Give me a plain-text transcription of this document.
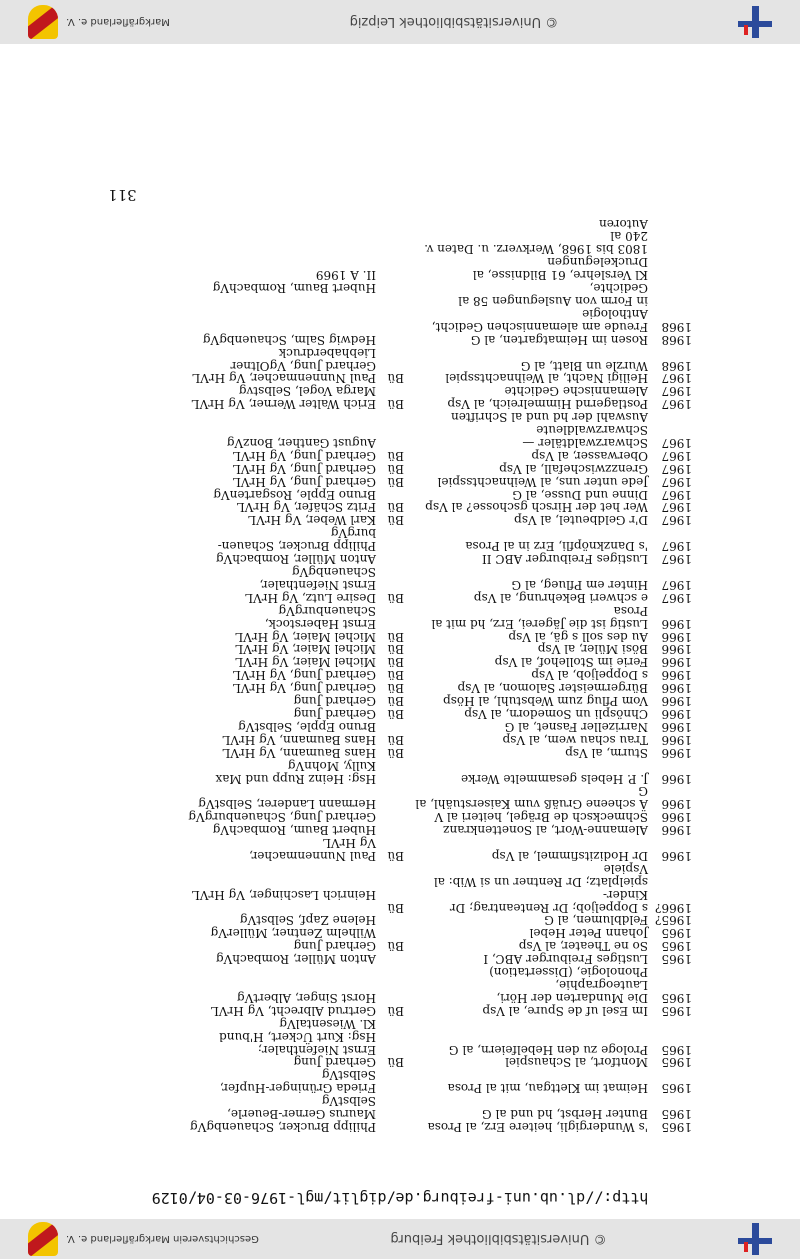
© Universitätsbibliothek Freiburg
Geschichtsverein Markgräflerland e. V.
http://dl.ub.uni-freiburg.de/diglit/mgl-1976-03-04/0129
1965
's Wundergigli, heitere Erz, al Prosa
Philipp Brucker, SchauenbgVg
1965
Bunter Herbst, hd und al G
Maurus Gerner-Beuerle,
SelbstVg
1965
Heimat im Klettgau, mit al Prosa
Frieda Grüninger-Hupfer,
SelbstVg
1965
Montfort, al Schauspiel
Bü
Gerhard Jung
1965
Prologe zu den Hebelfeiern, al G
Ernst Niefenthaler;
Hsg: Kurt Ückert, H'bund
Kl. WiesentalVg
1965
Im Esel uf de Spure, al Vsp
Bü
Gertrud Albrecht, Vg HrVL
1965
Die Mundarten der Höri, Lauteographie,
Phonologie, (Dissertation)
Horst Singer, AlbertVg
1965
Lustiges Freiburger ABC, I
Anton Müller, RombachVg
1965
So ne Theater, al Vsp
Bü
Gerhard Jung
1965
Johann Peter Hebel
Wilhelm Zentner, MüllerVg
1965?
Feldblumen, al G
Helene Zapf, SelbstVg
1966?
s Doppeljob; Dr Renteantrag; Dr Kinder-
spielplatz; Dr Rentner un si Wib: al Vspiele
Bü

Heinrich Laschinger, Vg HrVL
1966
Dr Hodizitsfimmel, al Vsp
Bü
Paul Nunnenmacher,
Vg HrVL
1966
Alemanne-Wort, al Sonettenkranz
Hubert Baum, RombachVg
1966
Schmecksch de Brägel, heiteri al V
Gerhard Jung, SchauenburgVg
1966
Ä scheene Gruäß vum Kaiserstuähl, al G
Hermann Landerer, SelbstVg
1966
J. P. Hebels gesammelte Werke
Hsg: Heinz Rupp und Max
Kully, MohnVg
1966
Sturm, al Vsp
Bü
Hans Baumann, Vg HrVL
1966
Trau schau wem, al Vsp
Bü
Hans Baumann, Vg HrVL
1966
Narrizeller Fasnet, al G
Bruno Epple, SelbstVg
1966
Chnöspli un Somedorn, al Vsp
Bü
Gerhard Jung
1966
Vom Pflug zum Webstuhl, al Hösp
Bü
Gerhard Jung
1966
Bürgermeister Salomon, al Vsp
Bü
Gerhard Jung, Vg HrVL
1966
s Doppeljob, al Vsp
Bü
Gerhard Jung, Vg HrVL
1966
Ferie im Stollehof, al Vsp
Bü
Michel Maier, Vg HrVL
1966
Bösi Müler, al Vsp
Bü
Michel Maier, Vg HrVL
1966
Au des soll s gä, al Vsp
Bü
Michel Maier, Vg HrVL
1966
Lustig ist die Jägerei, Erz, hd mit al Prosa
Ernst Haberstock,
SchauenburgVg
1967
e schweri Bekehrung, al Vsp
Bü
Desire Lutz, Vg HrVL
1967
Hinter em Pflueg, al G
Ernst Niefenthaler,
SchauenbgVg
1967
Lustiges Freiburger ABC II
Anton Müller, RombachVg
1967
's Danzknöpfli, Erz in al Prosa
Philipp Brucker, Schauen-
burgVg
1967
D'r Geldbeutel, al Vsp
Bü
Karl Weber, Vg HrVL
1967
Wer het der Hirsch gschosse? al Vsp
Bü
Fritz Schäfer, Vg HrVL
1967
Dinne und Dusse, al G
Bruno Epple, RosgartenVg
1967
Jede unter uns, al Weihnachtsspiel
Bü
Gerhard Jung, Vg HrVL
1967
Grenzzwischefall, al Vsp
Bü
Gerhard Jung, Vg HrVL
1967
Oberwasser, al Vsp
Bü
Gerhard Jung, Vg HrVL
1967
Schwarzwaldtäler — Schwarzwaldleute
Auswahl der hd und al Schriften
August Ganther, BonzVg
1967
Postlagernd Himmelreich, al Vsp
Bü
Erich Walter Werner, Vg HrVL
1967
Alemannische Gedichte
Marga Vogel, Selbstvg
1967
Heiligi Nacht, al Weihnachtsspiel
Bü
Paul Nunnenmacher, Vg HrVL
1968
Wurzle un Blatt, al G
Gerhard Jung, VgOltner
Liebhaberdruck
1968
Rosen im Heimatgarten, al G
Hedwig Salm, SchauenbgVg
1968
Freude am alemannischen Gedicht, Anthologie
in Form von Auslegungen 58 al Gedichte,
Kl Verslehre, 61 Bildnisse, al Druckelegungen
1803 bis 1968, Werkverz. u. Daten v. 240 al
Autoren

Hubert Baum, RombachVg
II. A 1969
311
© Universitätsbibliothek Leipzig
Markgräflerland e. V.
